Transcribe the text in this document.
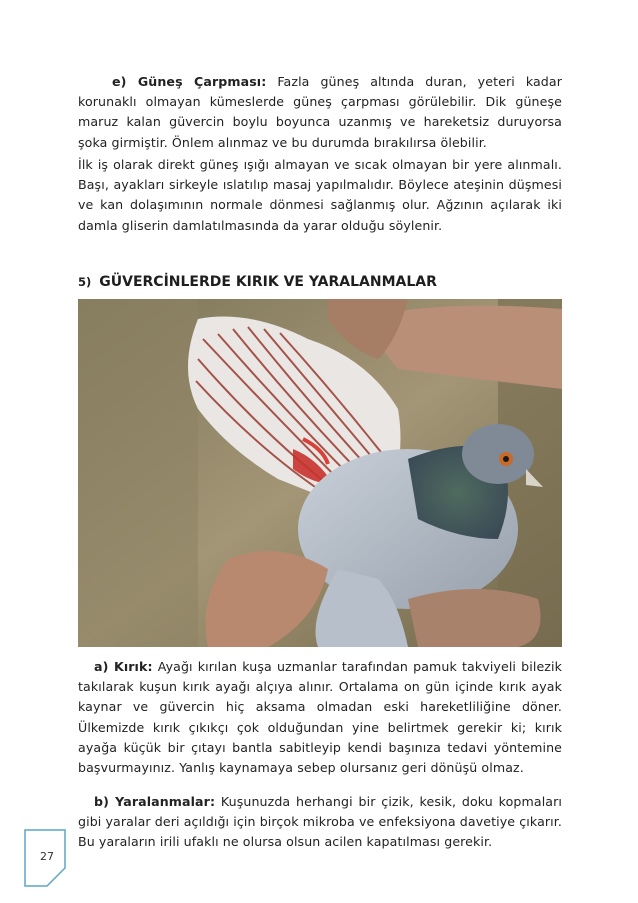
e) Güneş Çarpması: Fazla güneş altında duran, yeteri kadar korunaklı olmayan kümeslerde güneş çarpması görülebilir. Dik güneşe maruz kalan güvercin boylu boyunca uzanmış ve hareketsiz duruyorsa şoka girmiştir. Önlem alınmaz ve bu durumda bırakılırsa ölebilir.
İlk iş olarak direkt güneş ışığı almayan ve sıcak olmayan bir yere alınmalı. Başı, ayakları sirkeyle ıslatılıp masaj yapılmalıdır. Böylece ateşinin düşmesi ve kan dolaşımının normale dönmesi sağlanmış olur. Ağzının açılarak iki damla gliserin damlatılmasında da yarar olduğu söylenir.
5) GÜVERCİNLERDE KIRIK VE YARALANMALAR
a) Kırık: Ayağı kırılan kuşa uzmanlar tarafından pamuk takviyeli bilezik takılarak kuşun kırık ayağı alçıya alınır. Ortalama on gün içinde kırık ayak kaynar ve güvercin hiç aksama olmadan eski hareketliliğine döner. Ülkemizde kırık çıkıkçı çok olduğundan yine belirtmek gerekir ki; kırık ayağa küçük bir çıtayı bantla sabitleyip kendi başınıza tedavi yöntemine başvurmayınız. Yanlış kaynamaya sebep olursanız geri dönüşü olmaz.
b) Yaralanmalar: Kuşunuzda herhangi bir çizik, kesik, doku kopmaları gibi yaralar deri açıldığı için birçok mikroba ve enfeksiyona davetiye çıkarır. Bu yaraların irili ufaklı ne olursa olsun acilen kapatılması gerekir.
27
